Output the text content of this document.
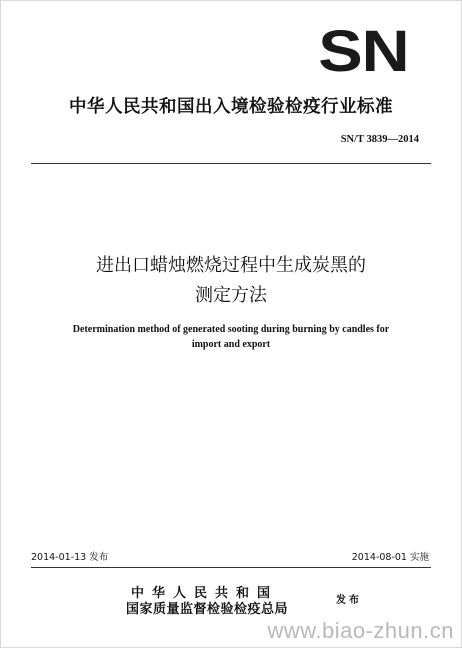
SN
中华人民共和国出入境检验检疫行业标准
SN/T 3839—2014
进出口蜡烛燃烧过程中生成炭黑的
测定方法
Determination method of generated sooting during burning by candles for
import and export
2014-01-13 发布	2014-08-01 实施
中华人民共和国
国家质量监督检验检疫总局
发布
www.biao-zhun.cn
